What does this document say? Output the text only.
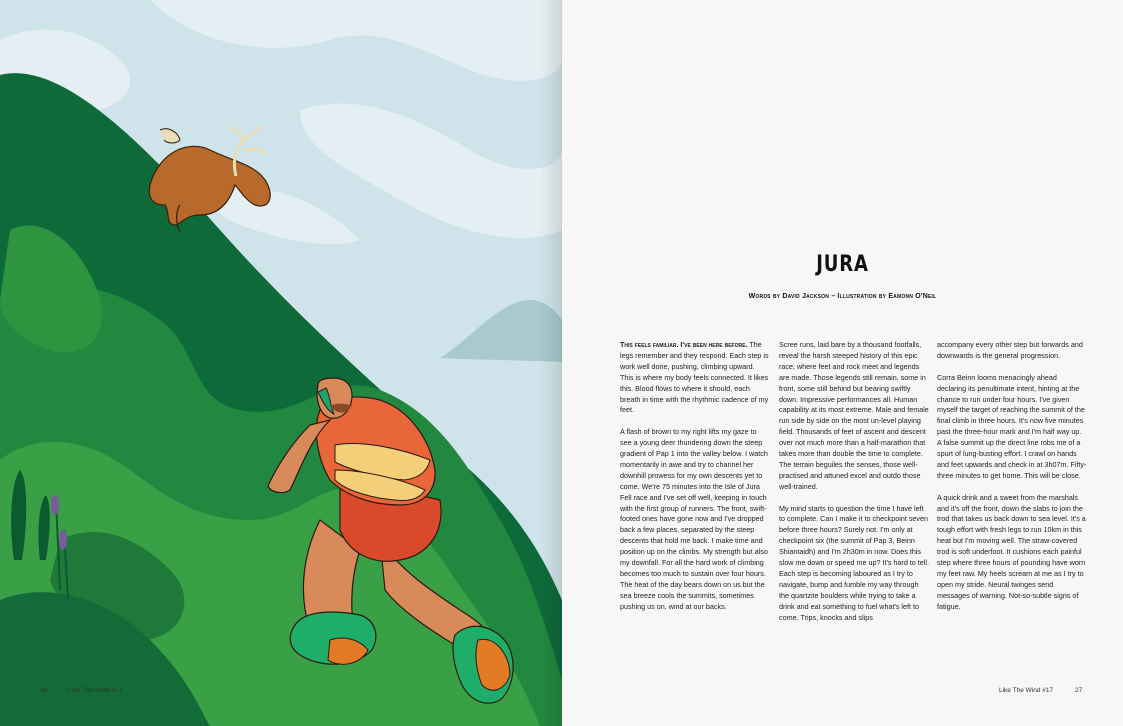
26	Like The Wind #17
JURA
Words by David Jackson – Illustration by Eamonn O'Neil

This feels familiar. I've been here before. The legs remember and they respond. Each step is work well done, pushing, climbing upward. This is where my body feels connected. It likes this. Blood flows to where it should, each breath in time with the rhythmic cadence of my feet.

A flash of brown to my right lifts my gaze to see a young deer thundering down the steep gradient of Pap 1 into the valley below. I watch momentarily in awe and try to channel her downhill prowess for my own descents yet to come. We're 75 minutes into the Isle of Jura Fell race and I've set off well, keeping in touch with the first group of runners. The front, swift-footed ones have gone now and I've dropped back a few places, separated by the steep descents that hold me back. I make time and position up on the climbs. My strength but also my downfall. For all the hard work of climbing becomes too much to sustain over four hours. The heat of the day bears down on us but the sea breeze cools the summits, sometimes pushing us on, wind at our backs.

Scree runs, laid bare by a thousand footfalls, reveal the harsh steeped history of this epic race, where feet and rock meet and legends are made. Those legends still remain, some in front, some still behind but bearing swiftly down. Impressive performances all. Human capability at its most extreme. Male and female run side by side on the most un-level playing field. Thousands of feet of ascent and descent over not much more than a half-marathon that takes more than double the time to complete. The terrain beguiles the senses, those well-practised and attuned excel and outdo those well-trained.

My mind starts to question the time I have left to complete. Can I make it to checkpoint seven before three hours? Surely not. I'm only at checkpoint six (the summit of Pap 3, Beinn Shiantaidh) and I'm 2h30m in now. Does this slow me down or speed me up? It's hard to tell. Each step is becoming laboured as I try to navigate, bump and fumble my way through the quartzite boulders while trying to take a drink and eat something to fuel what's left to come. Trips, knocks and slips

accompany every other step but forwards and downwards is the general progression.

Corra Beinn looms menacingly ahead declaring its penultimate intent, hinting at the chance to run under four hours. I've given myself the target of reaching the summit of the final climb in three hours. It's now five minutes past the three-hour mark and I'm half way up. A false summit up the direct line robs me of a spurt of lung-busting effort. I crawl on hands and feet upwards and check in at 3h07m. Fifty-three minutes to get home. This will be close.

A quick drink and a sweet from the marshals and it's off the front, down the slabs to join the trod that takes us back down to sea level. It's a tough effort with fresh legs to run 10km in this heat but I'm moving well. The straw-covered trod is soft underfoot. It cushions each painful step where three hours of pounding have worn my feet raw. My heels scream at me as I try to open my stride. Neural twinges send messages of warning. Not-so-subtle signs of fatigue.

Like The Wind #17	27
